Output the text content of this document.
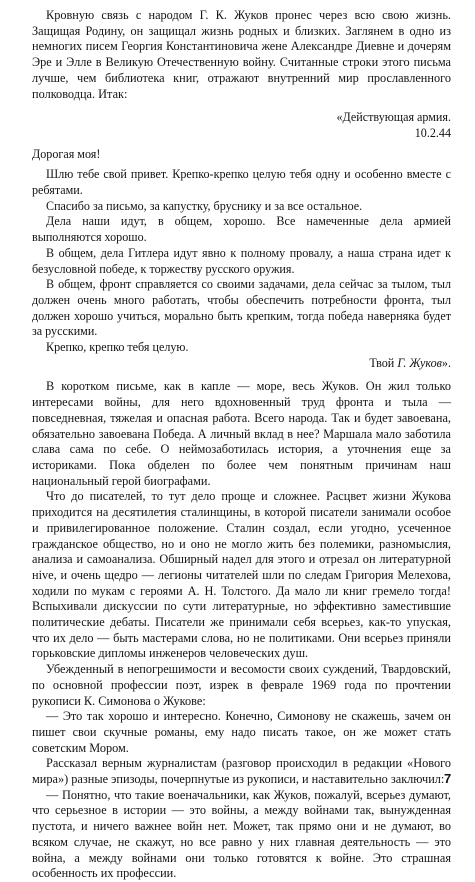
Кровную связь с народом Г. К. Жуков пронес через всю свою жизнь. Защищая Родину, он защищал жизнь родных и близких. Заглянем в одно из немногих писем Георгия Константиновича жене Александре Диевне и дочерям Эре и Элле в Великую Отечественную войну. Считанные строки этого письма лучше, чем библиотека книг, отражают внутренний мир прославленного полководца. Итак:

«Действующая армия.

10.2.44

Дорогая моя!

Шлю тебе свой привет. Крепко-крепко целую тебя одну и особенно вместе с ребятами.

Спасибо за письмо, за капустку, бруснику и за все остальное.

Дела наши идут, в общем, хорошо. Все намеченные дела армией выполняются хорошо.

В общем, дела Гитлера идут явно к полному провалу, а наша страна идет к безусловной победе, к торжеству русского оружия.

В общем, фронт справляется со своими задачами, дела сейчас за тылом, тыл должен очень много работать, чтобы обеспечить потребности фронта, тыл должен хорошо учиться, морально быть крепким, тогда победа наверняка будет за русскими.

Крепко, крепко тебя целую.

Твой Г. Жуков».

В коротком письме, как в капле — море, весь Жуков. Он жил только интересами войны, для него вдохновенный труд фронта и тыла — повседневная, тяжелая и опасная работа. Всего народа. Так и будет завоевана, обязательно завоевана Победа. А личный вклад в нее? Маршала мало заботила слава сама по себе. О неймозаботилась история, а уточнения еще за историками. Пока обделен по более чем понятным причинам наш национальный герой биографами.

Что до писателей, то тут дело проще и сложнее. Расцвет жизни Жукова приходится на десятилетия сталинщины, в которой писатели занимали особое и привилегированное положение. Сталин создал, если угодно, усеченное гражданское общество, но и оно не могло жить без полемики, разномыслия, анализа и самоанализа. Обширный надел для этого и отрезал он литературной нive, и очень щедро — легионы читателей шли по следам Григория Мелехова, ходили по мукам с героями А. Н. Толстого. Да мало ли книг гремело тогда! Вспыхивали дискуссии по сути литературные, но эффективно заместившие политические дебаты. Писатели же принимали себя всерьез, как-то упуская, что их дело — быть мастерами слова, но не политиками. Они всерьез приняли горьковские дипломы инженеров человеческих душ.

Убежденный в непогрешимости и весомости своих суждений, Твардовский, по основной профессии поэт, изрек в феврале 1969 года по прочтении рукописи К. Симонова о Жукове:

— Это так хорошо и интересно. Конечно, Симонову не скажешь, зачем он пишет свои скучные романы, ему надо писать такое, он же может стать советским Мором.

Рассказал верным журналистам (разговор происходил в редакции «Нового мира») разные эпизоды, почерпнутые из рукописи, и наставительно заключил:

— Понятно, что такие военачальники, как Жуков, пожалуй, всерьез думают, что серьезное в истории — это войны, а между войнами так, вынужденная пустота, и ничего важнее войн нет. Может, так прямо они и не думают, во всяком случае, не скажут, но все равно у них главная деятельность — это война, а между войнами они только готовятся к войне. Это страшная особенность их профессии.

7
